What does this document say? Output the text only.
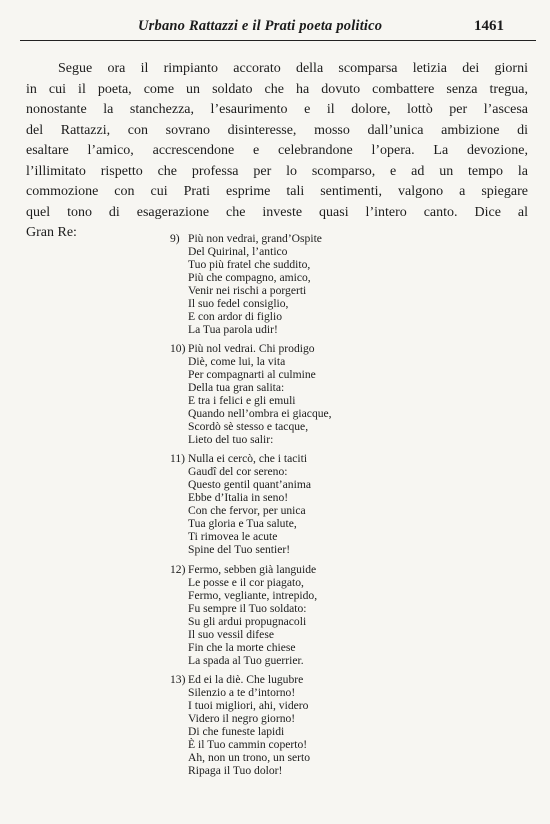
Urbano Rattazzi e il Prati poeta politico	1461
Segue ora il rimpianto accorato della scomparsa letizia dei giorni
in cui il poeta, come un soldato che ha dovuto combattere senza tregua,
nonostante la stanchezza, l’esaurimento e il dolore, lottò per l’ascesa
del Rattazzi, con sovrano disinteresse, mosso dall’unica ambizione di
esaltare l’amico, accrescendone e celebrandone l’opera. La devozione,
l’illimitato rispetto che professa per lo scomparso, e ad un tempo la
commozione con cui Prati esprime tali sentimenti, valgono a spiegare
quel tono di esagerazione che investe quasi l’intero canto. Dice al
Gran Re:	9) Più non vedrai, grand’Ospite
Del Quirinal, l’antico
Tuo più fratel che suddito,
Più che compagno, amico,
Venir nei rischi a porgerti
Il suo fedel consiglio,
E con ardor di figlio
La Tua parola udir!
10) Più nol vedrai. Chi prodigo
Diè, come lui, la vita
Per compagnarti al culmine
Della tua gran salita:
E tra i felici e gli emuli
Quando nell’ombra ei giacque,
Scordò sè stesso e tacque,
Lieto del tuo salir:
11) Nulla ei cercò, che i taciti
Gaudî del cor sereno:
Questo gentil quant’anima
Ebbe d’Italia in seno!
Con che fervor, per unica
Tua gloria e Tua salute,
Ti rimovea le acute
Spine del Tuo sentier!
12) Fermo, sebben già languide
Le posse e il cor piagato,
Fermo, vegliante, intrepido,
Fu sempre il Tuo soldato:
Su gli ardui propugnacoli
Il suo vessil difese
Fin che la morte chiese
La spada al Tuo guerrier.
13) Ed ei la diè. Che lugubre
Silenzio a te d’intorno!
I tuoi migliori, ahi, videro
Videro il negro giorno!
Di che funeste lapidi
È il Tuo cammin coperto!
Ah, non un trono, un serto
Ripaga il Tuo dolor!
